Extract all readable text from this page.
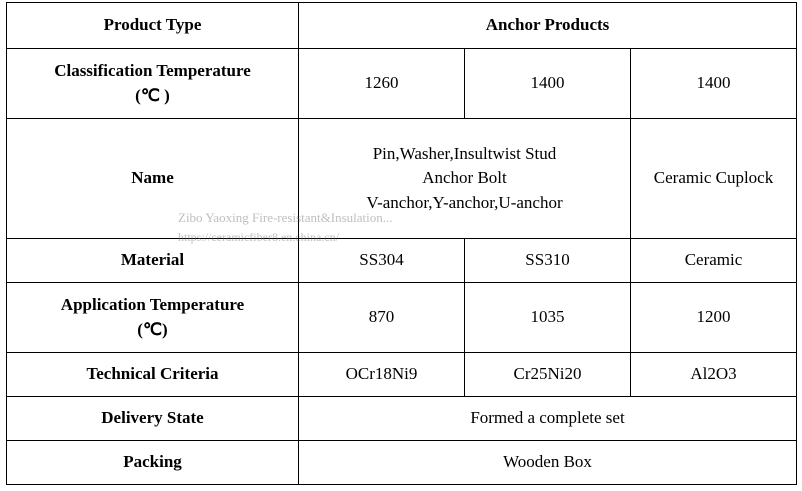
Product Type	Anchor Products		

Classification Temperature
(℃ )	1260	1400	1400
Name	Pin,Washer,Insultwist Stud
Anchor Bolt
V-anchor,Y-anchor,U-anchor		Ceramic Cuplock
Material	SS304	SS310	Ceramic

Application Temperature
(℃)	870	1035	1200
Technical Criteria	OCr18Ni9	Cr25Ni20	Al2O3
Delivery State	Formed a complete set		
Packing	Wooden Box		
Zibo Yaoxing Fire-resistant&Insulation...
https://ceramicfiber8.en.china.cn/
